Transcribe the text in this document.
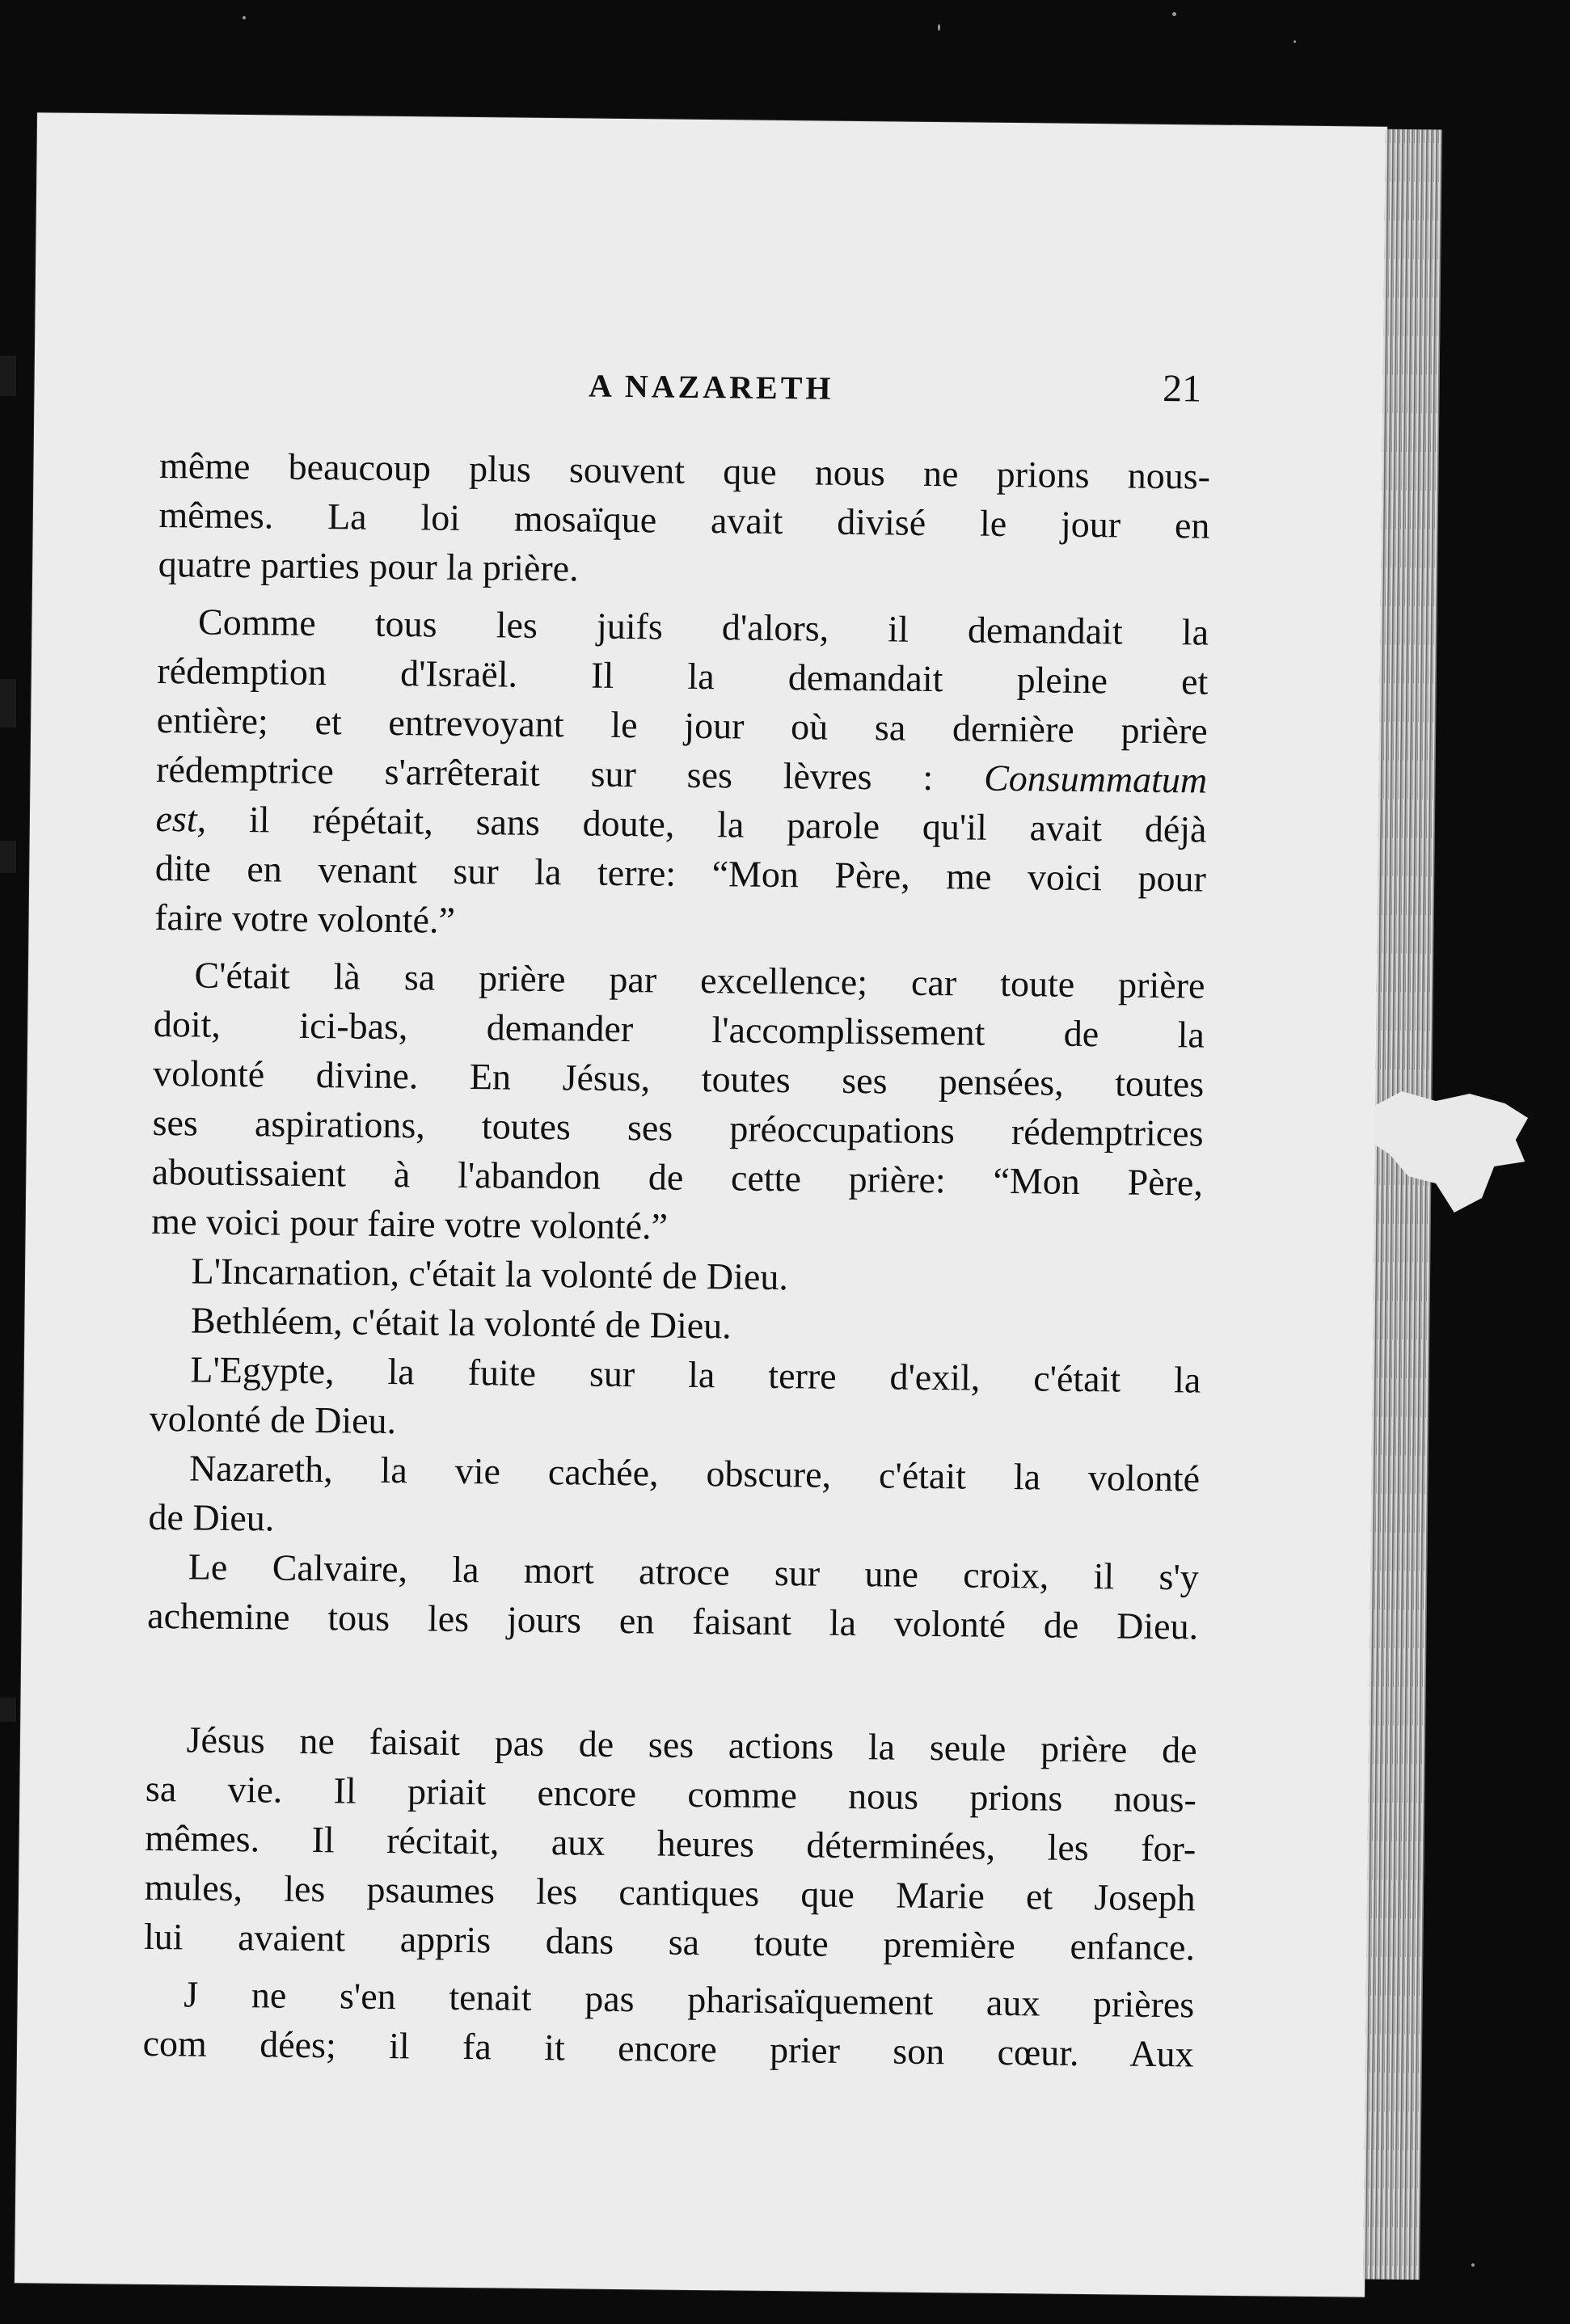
A NAZARETH	21
même beaucoup plus souvent que nous ne prions nous-
mêmes. La loi mosaïque avait divisé le jour en
quatre parties pour la prière.
Comme tous les juifs d'alors, il demandait la
rédemption d'Israël. Il la demandait pleine et
entière; et entrevoyant le jour où sa dernière prière
rédemptrice s'arrêterait sur ses lèvres : Consummatum
est, il répétait, sans doute, la parole qu'il avait déjà
dite en venant sur la terre: “Mon Père, me voici pour
faire votre volonté.”
C'était là sa prière par excellence; car toute prière
doit, ici-bas, demander l'accomplissement de la
volonté divine. En Jésus, toutes ses pensées, toutes
ses aspirations, toutes ses préoccupations rédemptrices
aboutissaient à l'abandon de cette prière: “Mon Père,
me voici pour faire votre volonté.”
L'Incarnation, c'était la volonté de Dieu.
Bethléem, c'était la volonté de Dieu.
L'Egypte, la fuite sur la terre d'exil, c'était la
volonté de Dieu.
Nazareth, la vie cachée, obscure, c'était la volonté
de Dieu.
Le Calvaire, la mort atroce sur une croix, il s'y
achemine tous les jours en faisant la volonté de Dieu.
Jésus ne faisait pas de ses actions la seule prière de
sa vie. Il priait encore comme nous prions nous-
mêmes. Il récitait, aux heures déterminées, les for-
mules, les psaumes les cantiques que Marie et Joseph
lui avaient appris dans sa toute première enfance.
J ne s'en tenait pas pharisaïquement aux prières
com dées; il fa it encore prier son cœur. Aux
